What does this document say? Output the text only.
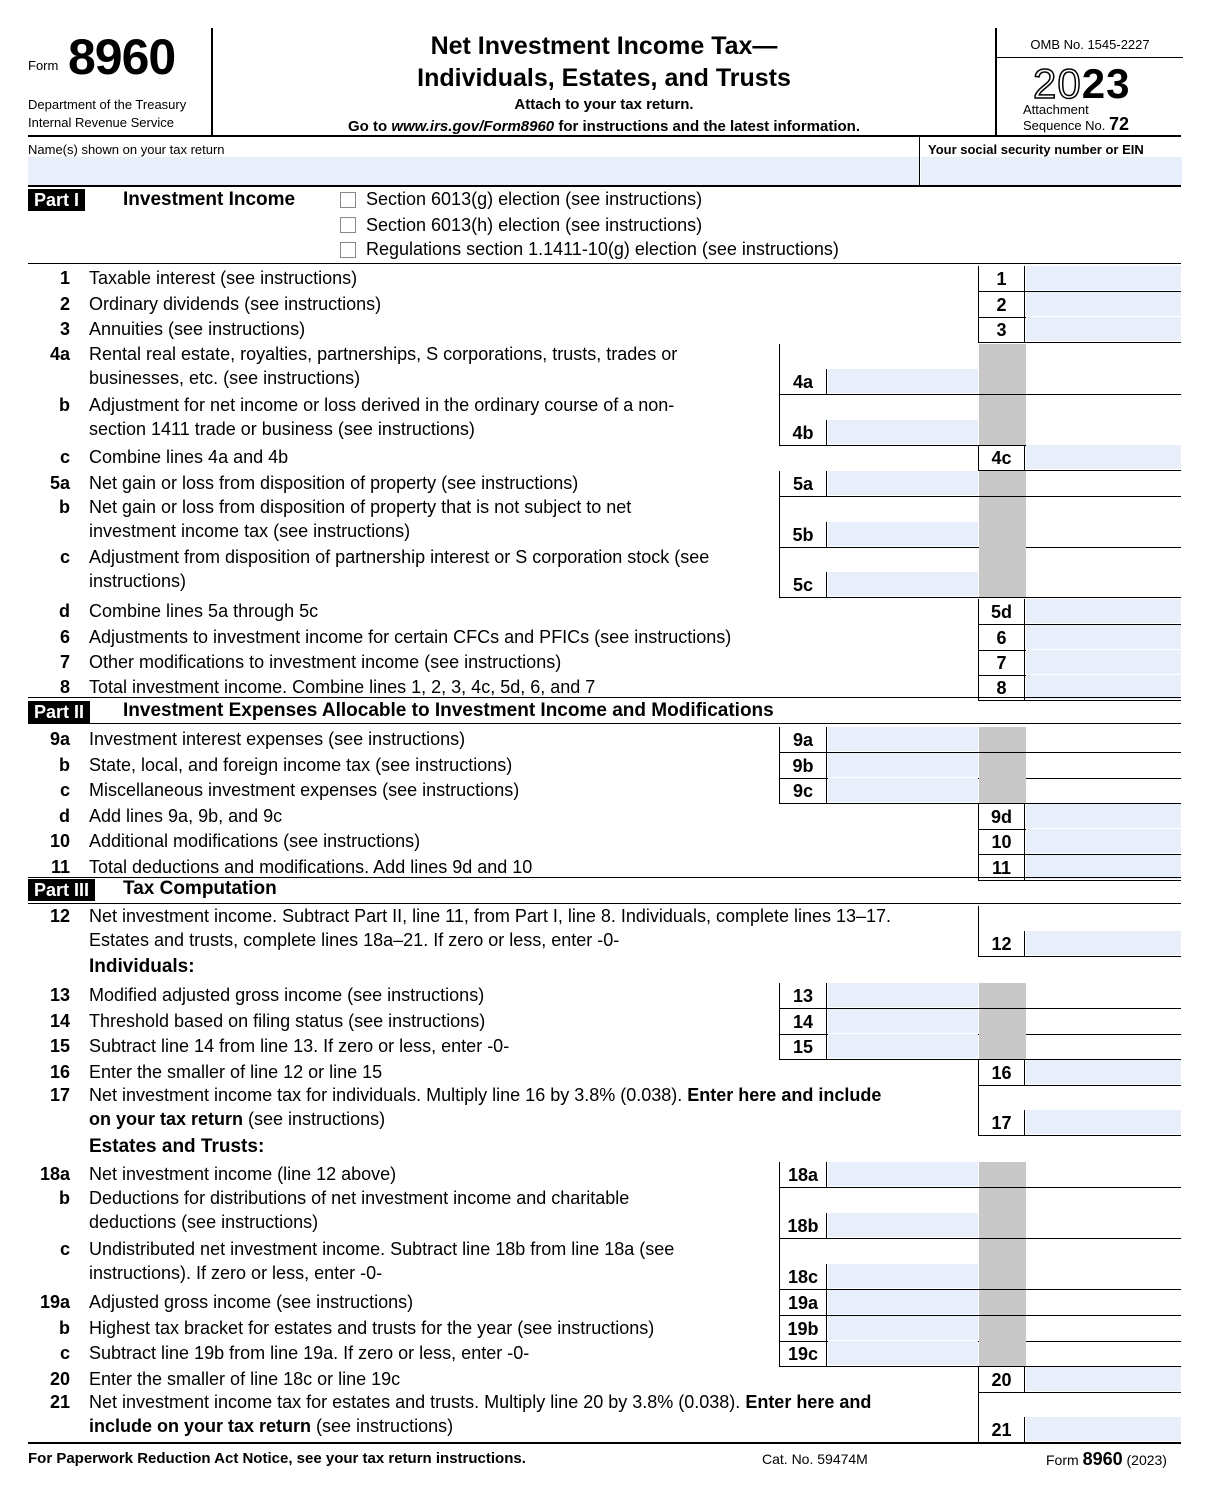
Form 8960
Department of the Treasury
Internal Revenue Service
Net Investment Income Tax—
Individuals, Estates, and Trusts
Attach to your tax return.
Go to www.irs.gov/Form8960 for instructions and the latest information.
OMB No. 1545-2227
2023
Attachment
Sequence No. 72
Name(s) shown on your tax return	Your social security number or EIN
Part I	Investment Income	Section 6013(g) election (see instructions)
Section 6013(h) election (see instructions)
Regulations section 1.1411-10(g) election (see instructions)
1 Taxable interest (see instructions)	1
2 Ordinary dividends (see instructions)	2
3 Annuities (see instructions)	3
4a Rental real estate, royalties, partnerships, S corporations, trusts, trades or
businesses, etc. (see instructions)	4a
b Adjustment for net income or loss derived in the ordinary course of a non-
section 1411 trade or business (see instructions)	4b
c Combine lines 4a and 4b	4c
5a Net gain or loss from disposition of property (see instructions)	5a
b Net gain or loss from disposition of property that is not subject to net
investment income tax (see instructions)	5b
c Adjustment from disposition of partnership interest or S corporation stock (see
instructions)	5c
d Combine lines 5a through 5c	5d
6 Adjustments to investment income for certain CFCs and PFICs (see instructions)	6
7 Other modifications to investment income (see instructions)	7
8 Total investment income. Combine lines 1, 2, 3, 4c, 5d, 6, and 7	8
9a Investment interest expenses (see instructions)	9a
b State, local, and foreign income tax (see instructions)	9b
c Miscellaneous investment expenses (see instructions)	9c
d Add lines 9a, 9b, and 9c	9d
10 Additional modifications (see instructions)	10
11 Total deductions and modifications. Add lines 9d and 10	11
12 Net investment income. Subtract Part II, line 11, from Part I, line 8. Individuals, complete lines 13–17.
Estates and trusts, complete lines 18a–21. If zero or less, enter -0-	12
13 Modified adjusted gross income (see instructions)	13
14 Threshold based on filing status (see instructions)	14
15 Subtract line 14 from line 13. If zero or less, enter -0-	15
16 Enter the smaller of line 12 or line 15	16
17 Net investment income tax for individuals. Multiply line 16 by 3.8% (0.038). Enter here and include
on your tax return (see instructions)	17
18a Net investment income (line 12 above)	18a
b Deductions for distributions of net investment income and charitable
deductions (see instructions)	18b
c Undistributed net investment income. Subtract line 18b from line 18a (see
instructions). If zero or less, enter -0-	18c
19a Adjusted gross income (see instructions)	19a
b Highest tax bracket for estates and trusts for the year (see instructions)	19b
c Subtract line 19b from line 19a. If zero or less, enter -0-	19c
20 Enter the smaller of line 18c or line 19c	20
21 Net investment income tax for estates and trusts. Multiply line 20 by 3.8% (0.038). Enter here and
include on your tax return (see instructions)	21
Part II	Investment Expenses Allocable to Investment Income and Modifications
Part III	Tax Computation
Individuals:
Estates and Trusts:
For Paperwork Reduction Act Notice, see your tax return instructions.	Cat. No. 59474M	Form 8960 (2023)
